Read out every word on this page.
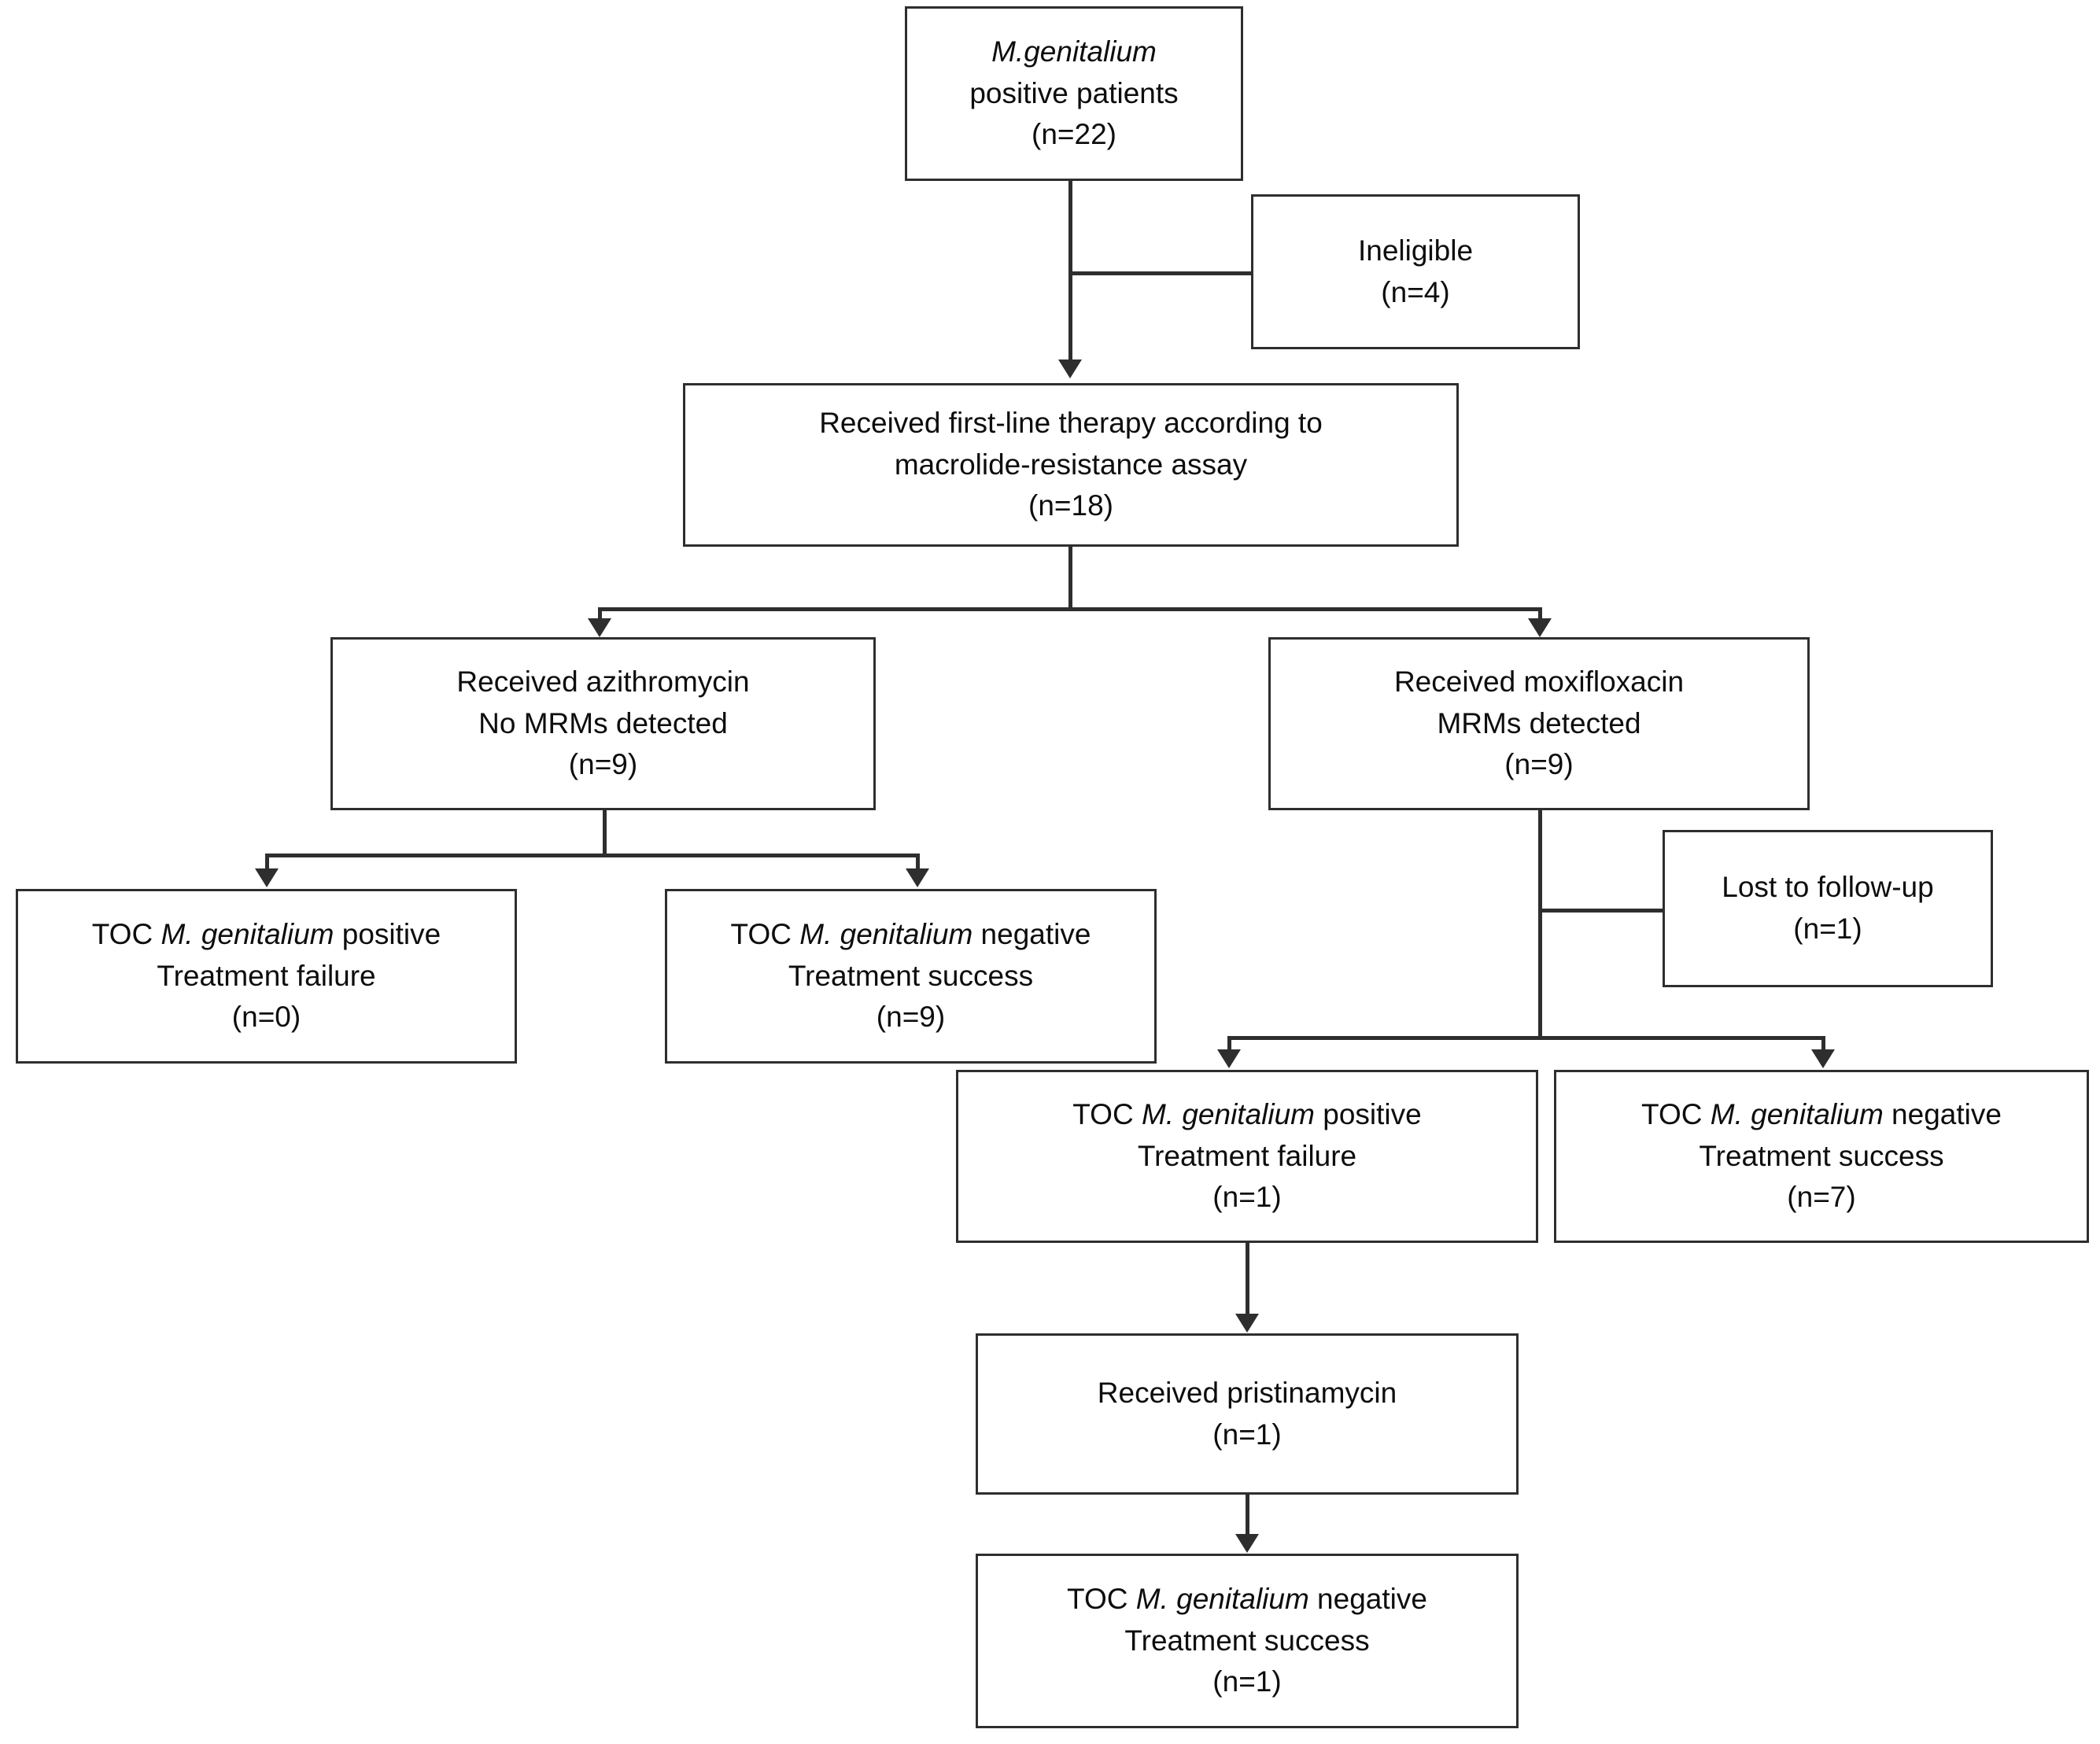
M.genitalium
positive patients
(n=22)
Ineligible
(n=4)
Received first-line therapy according to
macrolide-resistance assay
(n=18)
Received azithromycin
No MRMs detected
(n=9)
Received moxifloxacin
MRMs detected
(n=9)
TOC M. genitalium positive
Treatment failure
(n=0)
TOC M. genitalium negative
Treatment success
(n=9)
Lost to follow-up
(n=1)
TOC M. genitalium positive
Treatment failure
(n=1)
TOC M. genitalium negative
Treatment success
(n=7)
Received pristinamycin
(n=1)
TOC M. genitalium negative
Treatment success
(n=1)
